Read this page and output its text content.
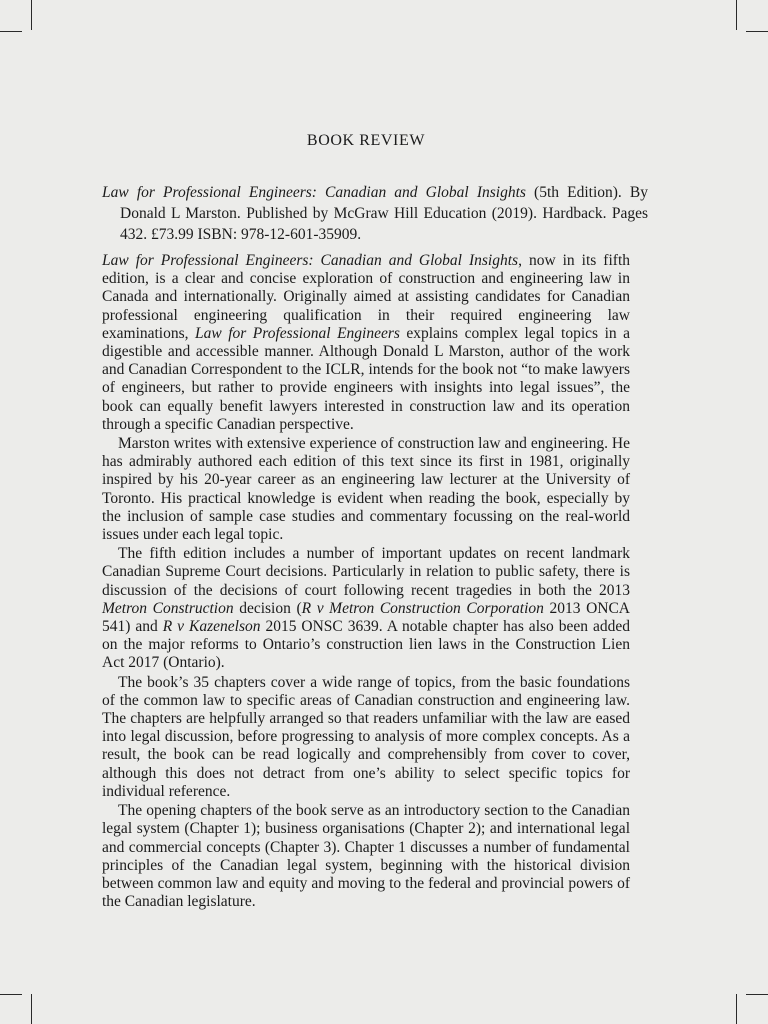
BOOK REVIEW
Law for Professional Engineers: Canadian and Global Insights (5th Edition). By Donald L Marston. Published by McGraw Hill Education (2019). Hardback. Pages 432. £73.99 ISBN: 978-12-601-35909.

Law for Professional Engineers: Canadian and Global Insights, now in its fifth edition, is a clear and concise exploration of construction and engineering law in Canada and internationally. Originally aimed at assisting candidates for Canadian professional engineering qualification in their required engineering law examinations, Law for Professional Engineers explains complex legal topics in a digestible and accessible manner. Although Donald L Marston, author of the work and Canadian Correspondent to the ICLR, intends for the book not “to make lawyers of engineers, but rather to provide engineers with insights into legal issues”, the book can equally benefit lawyers interested in construction law and its operation through a specific Canadian perspective.

Marston writes with extensive experience of construction law and engineering. He has admirably authored each edition of this text since its first in 1981, originally inspired by his 20-year career as an engineering law lecturer at the University of Toronto. His practical knowledge is evident when reading the book, especially by the inclusion of sample case studies and commentary focussing on the real-world issues under each legal topic.

The fifth edition includes a number of important updates on recent landmark Canadian Supreme Court decisions. Particularly in relation to public safety, there is discussion of the decisions of court following recent tragedies in both the 2013 Metron Construction decision (R v Metron Construction Corporation 2013 ONCA 541) and R v Kazenelson 2015 ONSC 3639. A notable chapter has also been added on the major reforms to Ontario’s construction lien laws in the Construction Lien Act 2017 (Ontario).

The book’s 35 chapters cover a wide range of topics, from the basic foundations of the common law to specific areas of Canadian construction and engineering law. The chapters are helpfully arranged so that readers unfamiliar with the law are eased into legal discussion, before progressing to analysis of more complex concepts. As a result, the book can be read logically and comprehensibly from cover to cover, although this does not detract from one’s ability to select specific topics for individual reference.

The opening chapters of the book serve as an introductory section to the Canadian legal system (Chapter 1); business organisations (Chapter 2); and international legal and commercial concepts (Chapter 3). Chapter 1 discusses a number of fundamental principles of the Canadian legal system, beginning with the historical division between common law and equity and moving to the federal and provincial powers of the Canadian legislature.
